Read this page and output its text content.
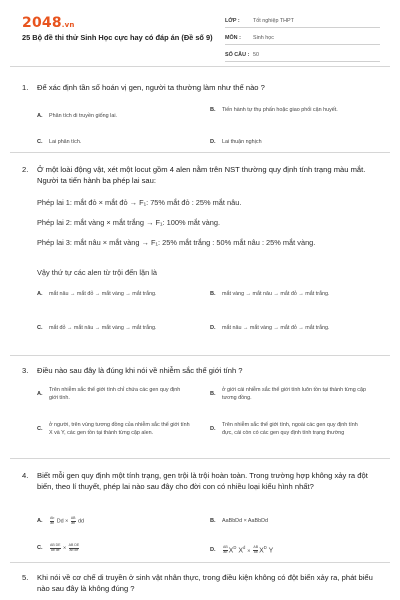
2048.vn
25 Bộ đề thi thử Sinh Học cực hay có đáp án (Đề số 9)
LỚP :	Tốt nghiệp THPT
MÔN :	Sinh học
SỐ CÂU : 50
1. Để xác định tần số hoán vị gen, người ta thường làm như thế nào ?
A.	Phân tích di truyền giống lai.
B.	Tiến hành tự thụ phấn hoặc giao phối cận huyết.
C.	Lai phân tích.	D.	Lai thuận nghịch
2. Ở một loài động vật, xét một locut gồm 4 alen nằm trên NST thường quy định tính trạng màu mắt. Người ta tiến hành ba phép lai sau:
Phép lai 1: mắt đỏ × mắt đỏ → F₁: 75% mắt đỏ : 25% mắt nâu.
Phép lai 2: mắt vàng × mắt trắng → F₁: 100% mắt vàng.
Phép lai 3: mắt nâu × mắt vàng → F₁: 25% mắt trắng : 50% mắt nâu : 25% mắt vàng.
Vậy thứ tự các alen từ trội đến lặn là
A.	mắt nâu → mắt đỏ → mắt vàng → mắt trắng.	B.	mắt vàng → mắt nâu → mắt đỏ → mắt trắng.
C.	mắt đỏ → mắt nâu → mắt vàng → mắt trắng.	D.	mắt nâu → mắt vàng → mắt đỏ → mắt trắng.
3. Điều nào sau đây là đúng khi nói về nhiễm sắc thể giới tính ?
A.
Trên nhiễm sắc thể giới tính chỉ chứa các gen quy định giới tính.
B.
ở giới cái nhiễm sắc thể giới tính luôn tồn tại thành từng cặp tương đồng.
C.
ở người, trên vùng tương đồng của nhiễm sắc thể giới tính X và Y, các gen tồn tại thành từng cặp alen.
D.
Trên nhiễm sắc thể giới tính, ngoài các gen quy định tính đực, cái còn có các gen quy định tính trạng thường
4. Biết mỗi gen quy định một tính trạng, gen trội là trội hoàn toàn. Trong trường hợp không xảy ra đột biến, theo lí thuyết, phép lai nào sau đây cho đời con có nhiều loại kiểu hình nhất?
A.	$\frac{Ab}{ab}$ $Dd \times \frac{AB}{ab}$ dd	B.	AaBbDd × AaBbDd
C.	$\frac{\text{AB DE}}{\text{ab de}} \times \frac{\text{AB DE}}{\text{ab de}}$	D.	$\frac{AB}{ab} X^D$ $X^d \times \frac{AB}{ab} X^D$ Y
5. Khi nói về cơ chế di truyền ở sinh vật nhân thực, trong điều kiện không có đột biến xảy ra, phát biểu nào sau đây là không đúng ?
